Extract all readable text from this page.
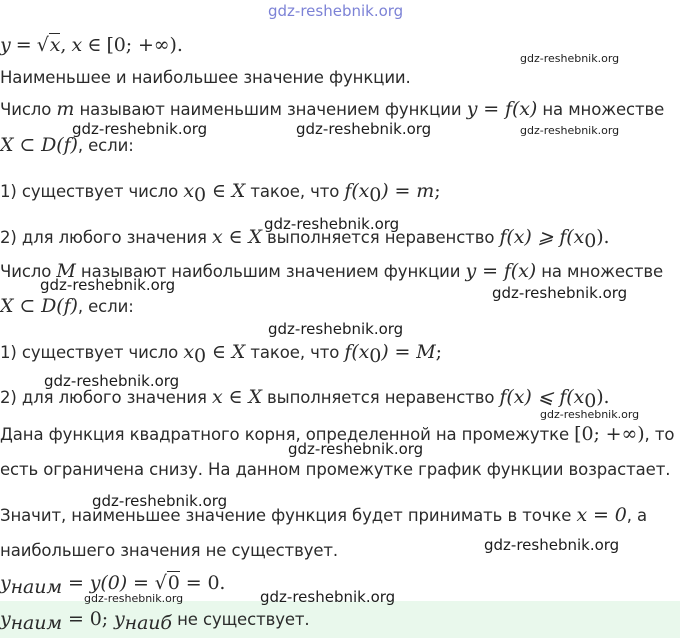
gdz-reshebnik.org
y = √x, x ∈ [0; +∞).
Наименьшее и наибольшее значение функции.
Число m называют наименьшим значением функции y = f(x) на множестве
X ⊂ D(f), если:
1) существует число $x_0$ ∈ X такое, что $f(x_0) = m$;
2) для любого значения x ∈ X выполняется неравенство f(x) ⩾ $f(x_0)$.
Число M называют наибольшим значением функции y = f(x) на множестве
X ⊂ D(f), если:
1) существует число $x_0$ ∈ X такое, что $f(x_0) = M$;
2) для любого значения x ∈ X выполняется неравенство f(x) ⩽ $f(x_0)$.
Дана функция квадратного корня, определенной на промежутке [0; +∞), то
есть ограничена снизу. На данном промежутке график функции возрастает.
Значит, наименьшее значение функция будет принимать в точке x = 0, а
наибольшего значения не существует.
$y_{наим} = y(0) = √0 = 0$.
$y_{наим} = 0$; $y_{наиб}$ не существует.
gdz-reshebnik.org
gdz-reshebnik.org	gdz-reshebnik.org	gdz-reshebnik.org
gdz-reshebnik.org
gdz-reshebnik.org	gdz-reshebnik.org
gdz-reshebnik.org
gdz-reshebnik.org
gdz-reshebnik.org
gdz-reshebnik.org
gdz-reshebnik.org
gdz-reshebnik.org
gdz-reshebnik.org	gdz-reshebnik.org
